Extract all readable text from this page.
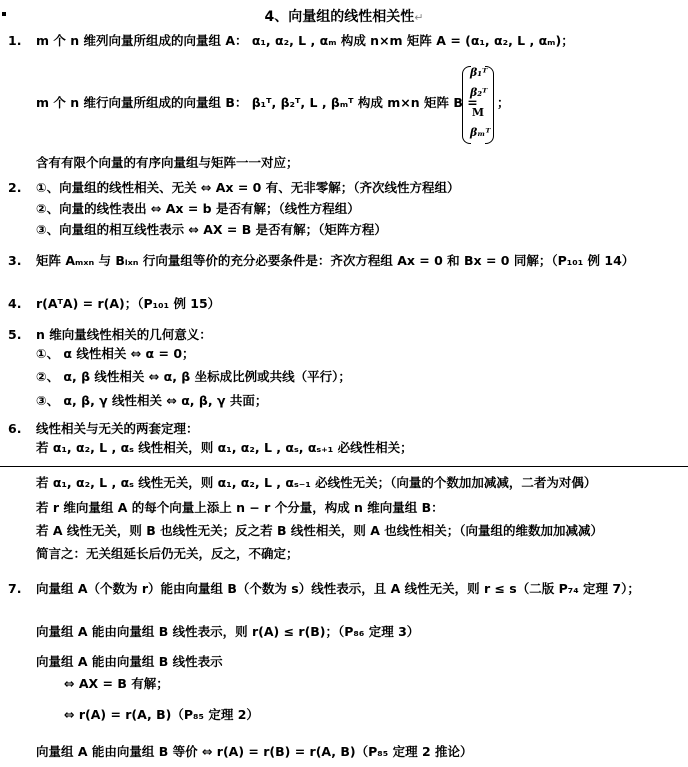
4、向量组的线性相关性↵
1. m 个 n 维列向量所组成的向量组 A： α₁, α₂, L , αₘ 构成 n×m 矩阵 A = (α₁, α₂, L , αₘ)；
m 个 n 维行向量所组成的向量组 B： β₁ᵀ, β₂ᵀ, L , βₘᵀ 构成 m×n 矩阵 B =
β₁ᵀ
β₂ᵀ
M
βₘᵀ
；
含有有限个向量的有序向量组与矩阵一一对应；
2. ①、向量组的线性相关、无关 ⇔ Ax = 0 有、无非零解；（齐次线性方程组）
②、向量的线性表出 ⇔ Ax = b 是否有解；（线性方程组）
③、向量组的相互线性表示 ⇔ AX = B 是否有解；（矩阵方程）
3. 矩阵 Aₘₓₙ 与 Bₗₓₙ 行向量组等价的充分必要条件是：齐次方程组 Ax = 0 和 Bx = 0 同解；（P₁₀₁ 例 14）
4. r(AᵀA) = r(A)；（P₁₀₁ 例 15）
5. n 维向量线性相关的几何意义：
①、 α 线性相关 ⇔ α = 0；
②、 α, β 线性相关 ⇔ α, β 坐标成比例或共线（平行）；
③、 α, β, γ 线性相关 ⇔ α, β, γ 共面；
6. 线性相关与无关的两套定理：
若 α₁, α₂, L , αₛ 线性相关，则 α₁, α₂, L , αₛ, αₛ₊₁ 必线性相关；
若 α₁, α₂, L , αₛ 线性无关，则 α₁, α₂, L , αₛ₋₁ 必线性无关；（向量的个数加加减减，二者为对偶）
若 r 维向量组 A 的每个向量上添上 n − r 个分量，构成 n 维向量组 B：
若 A 线性无关，则 B 也线性无关；反之若 B 线性相关，则 A 也线性相关；（向量组的维数加加减减）
简言之：无关组延长后仍无关，反之，不确定；
7. 向量组 A（个数为 r）能由向量组 B（个数为 s）线性表示，且 A 线性无关，则 r ≤ s（二版 P₇₄ 定理 7）；
向量组 A 能由向量组 B 线性表示，则 r(A) ≤ r(B)；（P₈₆ 定理 3）
向量组 A 能由向量组 B 线性表示
⇔ AX = B 有解；
⇔ r(A) = r(A, B)（P₈₅ 定理 2）
向量组 A 能由向量组 B 等价 ⇔ r(A) = r(B) = r(A, B)（P₈₅ 定理 2 推论）
